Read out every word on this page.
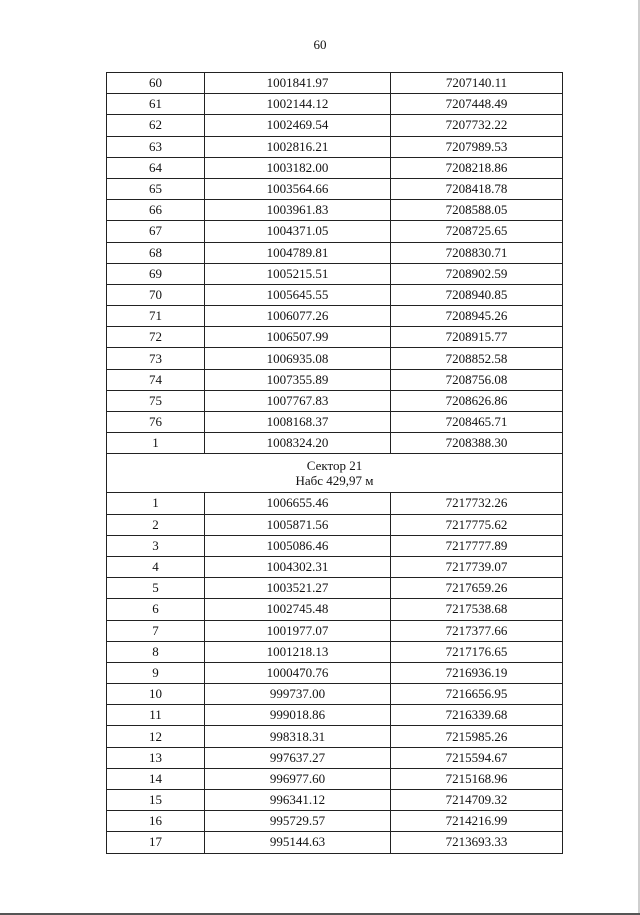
60
60	1001841.97	7207140.11
61	1002144.12	7207448.49
62	1002469.54	7207732.22
63	1002816.21	7207989.53
64	1003182.00	7208218.86
65	1003564.66	7208418.78
66	1003961.83	7208588.05
67	1004371.05	7208725.65
68	1004789.81	7208830.71
69	1005215.51	7208902.59
70	1005645.55	7208940.85
71	1006077.26	7208945.26
72	1006507.99	7208915.77
73	1006935.08	7208852.58
74	1007355.89	7208756.08
75	1007767.83	7208626.86
76	1008168.37	7208465.71
1	1008324.20	7208388.30

Сектор 21
Набс 429,97 м		

1	1006655.46	7217732.26
2	1005871.56	7217775.62
3	1005086.46	7217777.89
4	1004302.31	7217739.07
5	1003521.27	7217659.26
6	1002745.48	7217538.68
7	1001977.07	7217377.66
8	1001218.13	7217176.65
9	1000470.76	7216936.19
10	999737.00	7216656.95
11	999018.86	7216339.68
12	998318.31	7215985.26
13	997637.27	7215594.67
14	996977.60	7215168.96
15	996341.12	7214709.32
16	995729.57	7214216.99
17	995144.63	7213693.33
